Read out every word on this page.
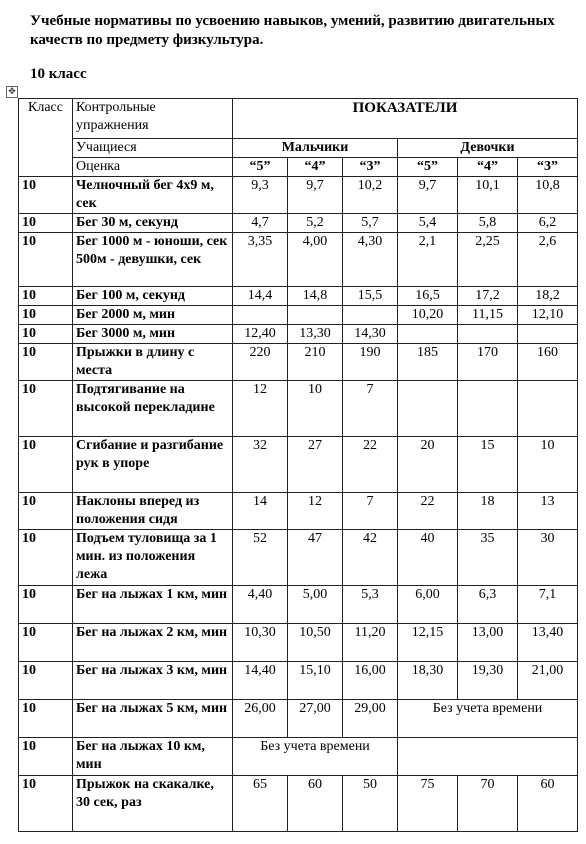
Учебные нормативы по усвоению навыков, умений, развитию двигательных качеств по предмету физкультура.
10 класс
✥
Класс	Контрольные упражнения	ПОКАЗАТЕЛИ					
	Учащиеся	Мальчики			Девочки		
	Оценка	“5”	“4”	“3”	“5”	“4”	“3”
10	Челночный бег 4х9 м, сек	9,3	9,7	10,2	9,7	10,1	10,8
10	Бег 30 м, секунд	4,7	5,2	5,7	5,4	5,8	6,2
10	Бег 1000 м - юноши, сек 500м - девушки, сек	3,35	4,00	4,30	2,1	2,25	2,6
10	Бег 100 м, секунд	14,4	14,8	15,5	16,5	17,2	18,2
10	Бег 2000 м, мин				10,20	11,15	12,10
10	Бег 3000 м, мин	12,40	13,30	14,30			
10	Прыжки в длину с места	220	210	190	185	170	160
10	Подтягивание на высокой перекладине	12	10	7			
10	Сгибание и разгибание рук в упоре	32	27	22	20	15	10
10	Наклоны вперед из положения сидя	14	12	7	22	18	13
10	Подъем туловища за 1 мин. из положения лежа	52	47	42	40	35	30
10	Бег на лыжах 1 км, мин	4,40	5,00	5,3	6,00	6,3	7,1
10	Бег на лыжах 2 км, мин	10,30	10,50	11,20	12,15	13,00	13,40
10	Бег на лыжах 3 км, мин	14,40	15,10	16,00	18,30	19,30	21,00
10	Бег на лыжах 5 км, мин	26,00	27,00	29,00	Без учета времени		
10	Бег на лыжах 10 км, мин	Без учета времени					
10	Прыжок на скакалке, 30 сек, раз	65	60	50	75	70	60
